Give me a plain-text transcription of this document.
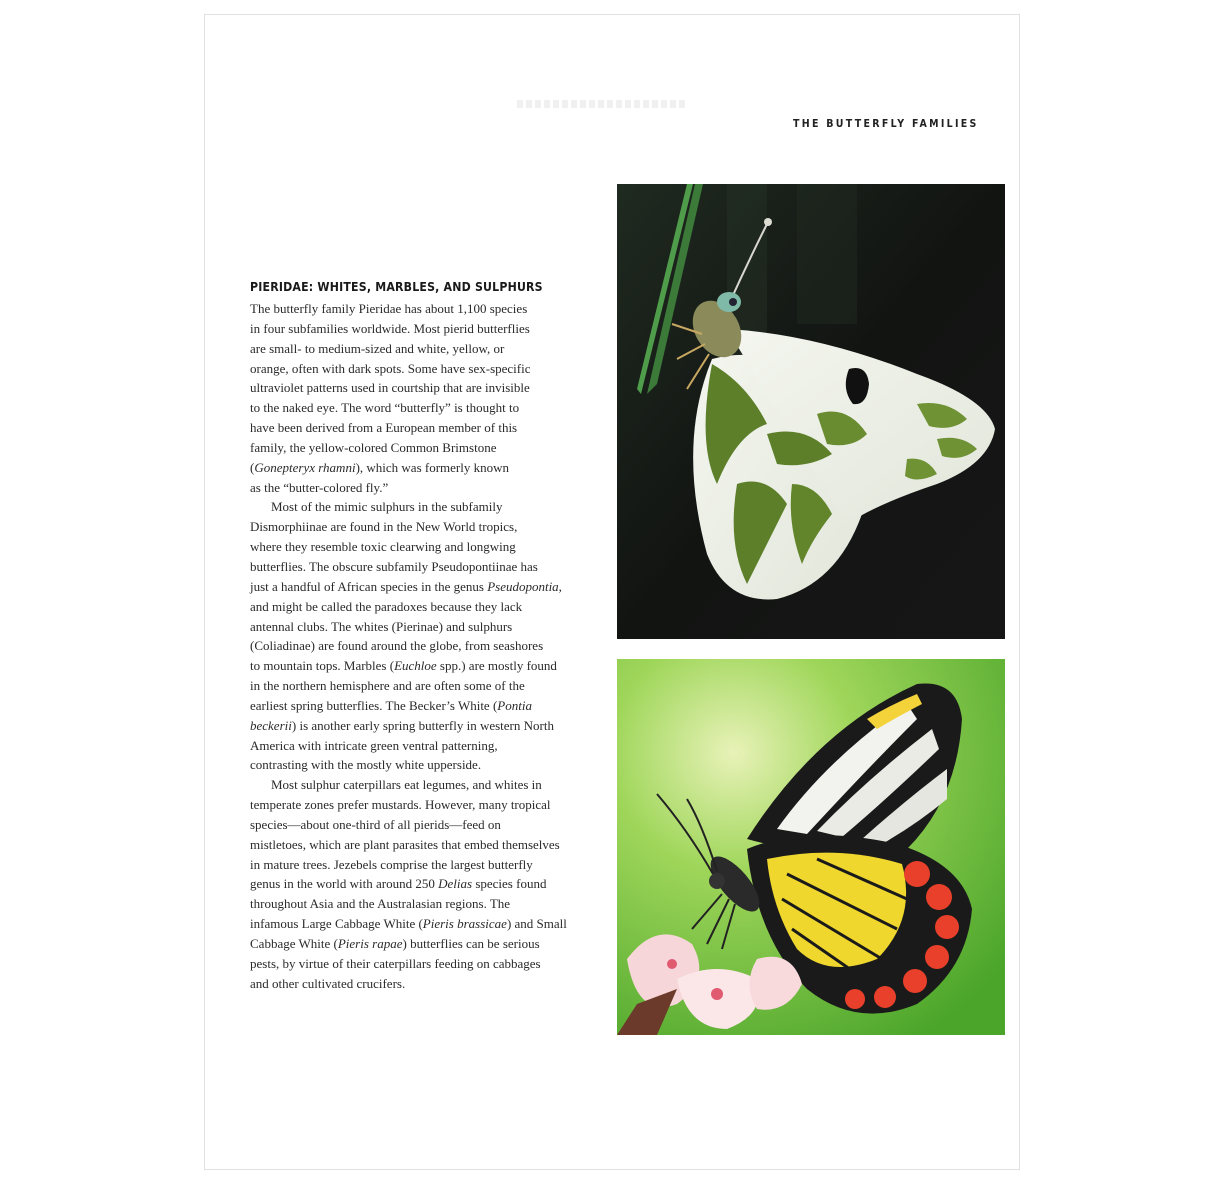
THE BUTTERFLY FAMILIES
PIERIDAE: WHITES, MARBLES, AND SULPHURS
The butterfly family Pieridae has about 1,100 species
in four subfamilies worldwide. Most pierid butterflies
are small- to medium-sized and white, yellow, or
orange, often with dark spots. Some have sex-specific
ultraviolet patterns used in courtship that are invisible
to the naked eye. The word “butterfly” is thought to
have been derived from a European member of this
family, the yellow-colored Common Brimstone
(Gonepteryx rhamni), which was formerly known
as the “butter-colored fly.”
Most of the mimic sulphurs in the subfamily
Dismorphiinae are found in the New World tropics,
where they resemble toxic clearwing and longwing
butterflies. The obscure subfamily Pseudopontiinae has
just a handful of African species in the genus Pseudopontia,
and might be called the paradoxes because they lack
antennal clubs. The whites (Pierinae) and sulphurs
(Coliadinae) are found around the globe, from seashores
to mountain tops. Marbles (Euchloe spp.) are mostly found
in the northern hemisphere and are often some of the
earliest spring butterflies. The Becker’s White (Pontia
beckerii) is another early spring butterfly in western North
America with intricate green ventral patterning,
contrasting with the mostly white upperside.
Most sulphur caterpillars eat legumes, and whites in
temperate zones prefer mustards. However, many tropical
species—about one-third of all pierids—feed on
mistletoes, which are plant parasites that embed themselves
in mature trees. Jezebels comprise the largest butterfly
genus in the world with around 250 Delias species found
throughout Asia and the Australasian regions. The
infamous Large Cabbage White (Pieris brassicae) and Small
Cabbage White (Pieris rapae) butterflies can be serious
pests, by virtue of their caterpillars feeding on cabbages
and other cultivated crucifers.
